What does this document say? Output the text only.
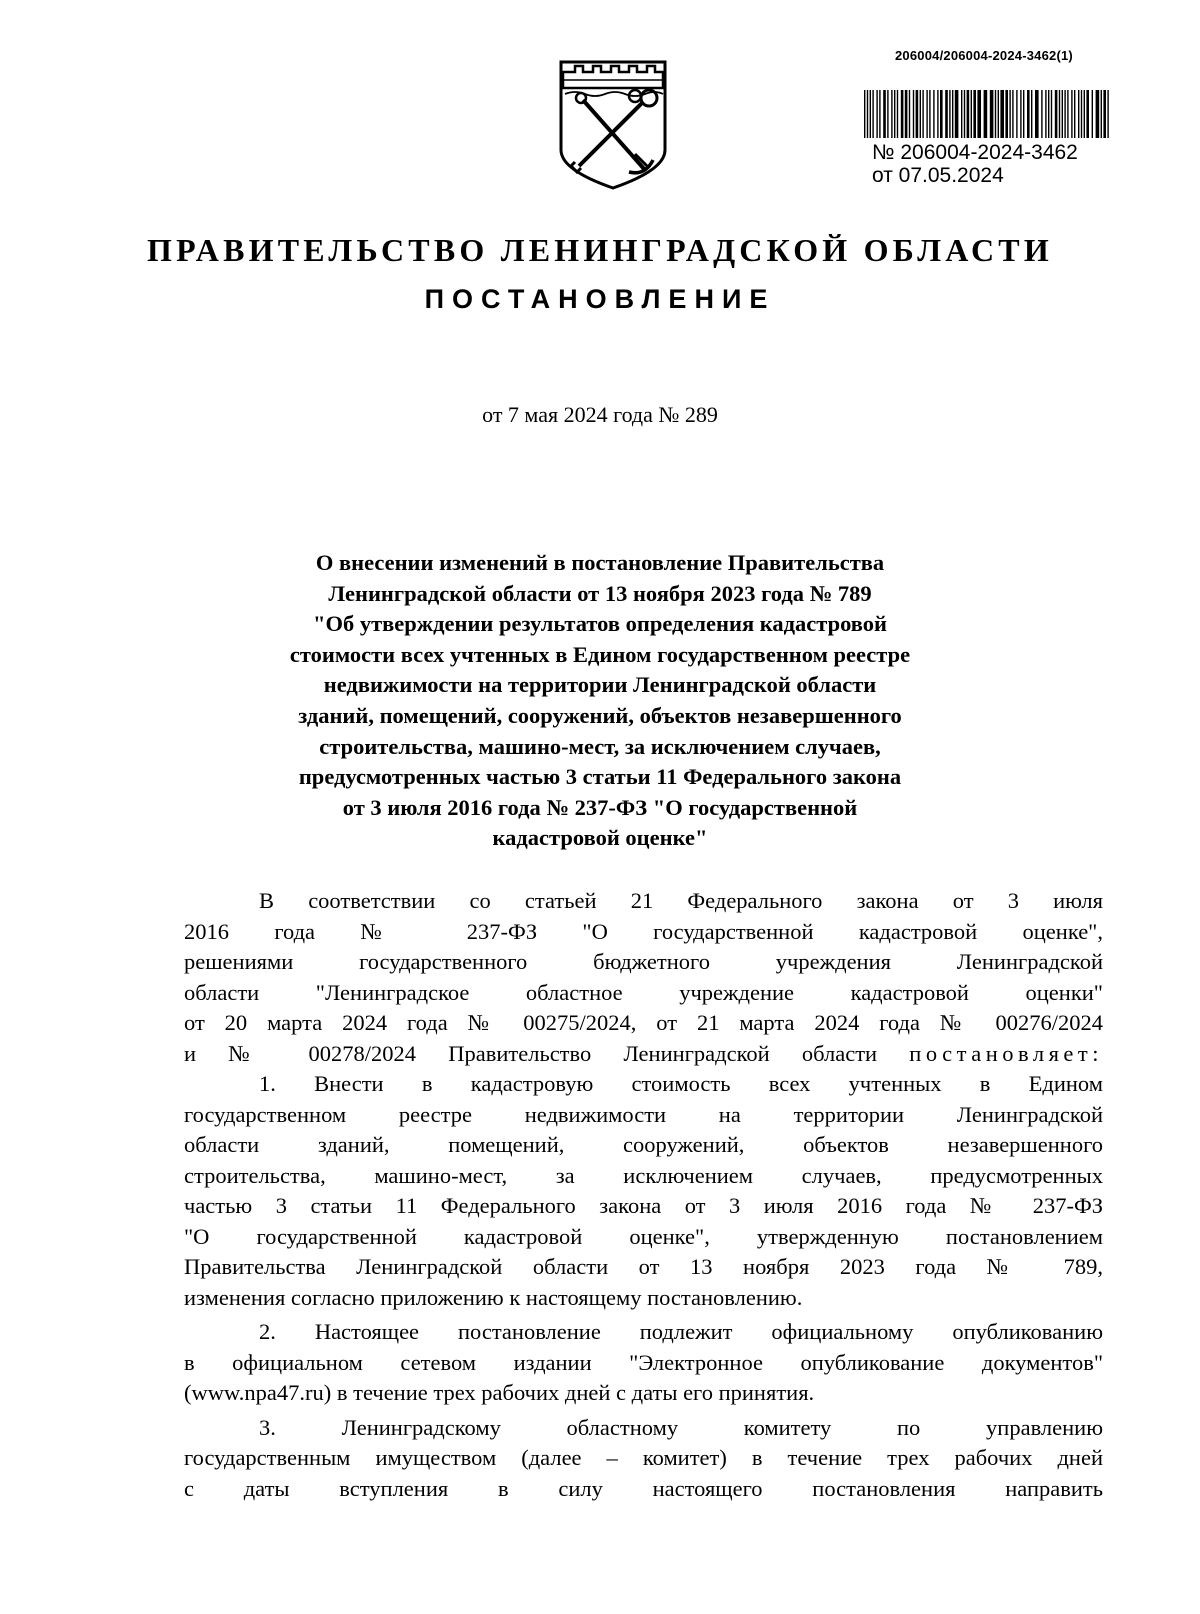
206004/206004-2024-3462(1)
№ 206004-2024-3462
от 07.05.2024
ПРАВИТЕЛЬСТВО ЛЕНИНГРАДСКОЙ ОБЛАСТИ
ПОСТАНОВЛЕНИЕ
от 7 мая 2024 года № 289
О внесении изменений в постановление Правительства
Ленинградской области от 13 ноября 2023 года № 789
"Об утверждении результатов определения кадастровой
стоимости всех учтенных в Едином государственном реестре
недвижимости на территории Ленинградской области
зданий, помещений, сооружений, объектов незавершенного
строительства, машино-мест, за исключением случаев,
предусмотренных частью 3 статьи 11 Федерального закона
от 3 июля 2016 года № 237-ФЗ "О государственной
кадастровой оценке"
В соответствии со статьей 21 Федерального закона от 3 июля
2016 года № 237-ФЗ "О государственной кадастровой оценке",
решениями государственного бюджетного учреждения Ленинградской
области "Ленинградское областное учреждение кадастровой оценки"
от 20 марта 2024 года № 00275/2024, от 21 марта 2024 года № 00276/2024
и № 00278/2024 Правительство Ленинградской области постановляет:
1. Внести в кадастровую стоимость всех учтенных в Едином
государственном реестре недвижимости на территории Ленинградской
области зданий, помещений, сооружений, объектов незавершенного
строительства, машино-мест, за исключением случаев, предусмотренных
частью 3 статьи 11 Федерального закона от 3 июля 2016 года № 237-ФЗ
"О государственной кадастровой оценке", утвержденную постановлением
Правительства Ленинградской области от 13 ноября 2023 года № 789,
изменения согласно приложению к настоящему постановлению.
2. Настоящее постановление подлежит официальному опубликованию
в официальном сетевом издании "Электронное опубликование документов"
(www.npa47.ru) в течение трех рабочих дней с даты его принятия.
3. Ленинградскому областному комитету по управлению
государственным имуществом (далее – комитет) в течение трех рабочих дней
с даты вступления в силу настоящего постановления направить
